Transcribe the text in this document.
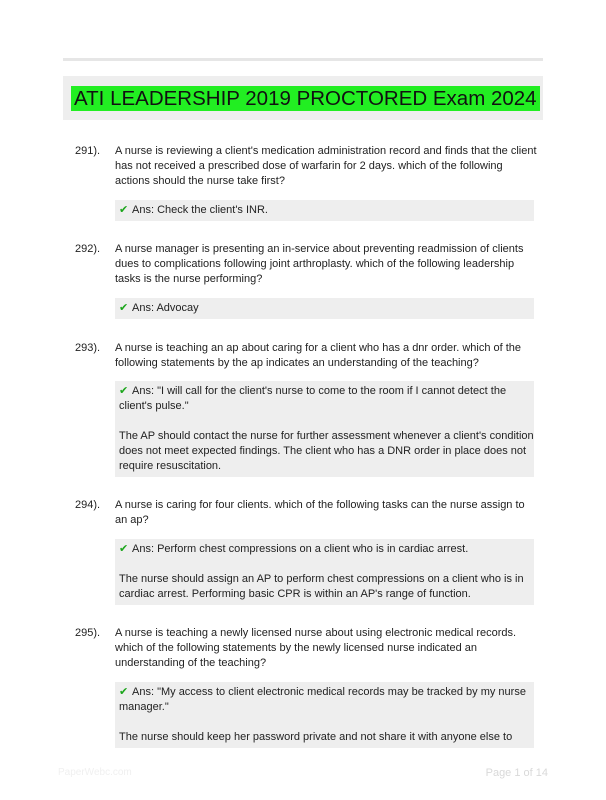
ATI LEADERSHIP 2019 PROCTORED Exam 2024
291). A nurse is reviewing a client's medication administration record and finds that the client has not received a prescribed dose of warfarin for 2 days. which of the following actions should the nurse take first?

✔ Ans: Check the client's INR.

292). A nurse manager is presenting an in-service about preventing readmission of clients dues to complications following joint arthroplasty. which of the following leadership tasks is the nurse performing?

✔ Ans: Advocay

293). A nurse is teaching an ap about caring for a client who has a dnr order. which of the following statements by the ap indicates an understanding of the teaching?

✔ Ans: "I will call for the client's nurse to come to the room if I cannot detect the client's pulse."

The AP should contact the nurse for further assessment whenever a client's condition does not meet expected findings. The client who has a DNR order in place does not require resuscitation.

294). A nurse is caring for four clients. which of the following tasks can the nurse assign to an ap?

✔ Ans: Perform chest compressions on a client who is in cardiac arrest.

The nurse should assign an AP to perform chest compressions on a client who is in cardiac arrest. Performing basic CPR is within an AP's range of function.

295). A nurse is teaching a newly licensed nurse about using electronic medical records. which of the following statements by the newly licensed nurse indicated an understanding of the teaching?

✔ Ans: "My access to client electronic medical records may be tracked by my nurse manager."

The nurse should keep her password private and not share it with anyone else to

PaperWebc.com	Page 1 of 14
